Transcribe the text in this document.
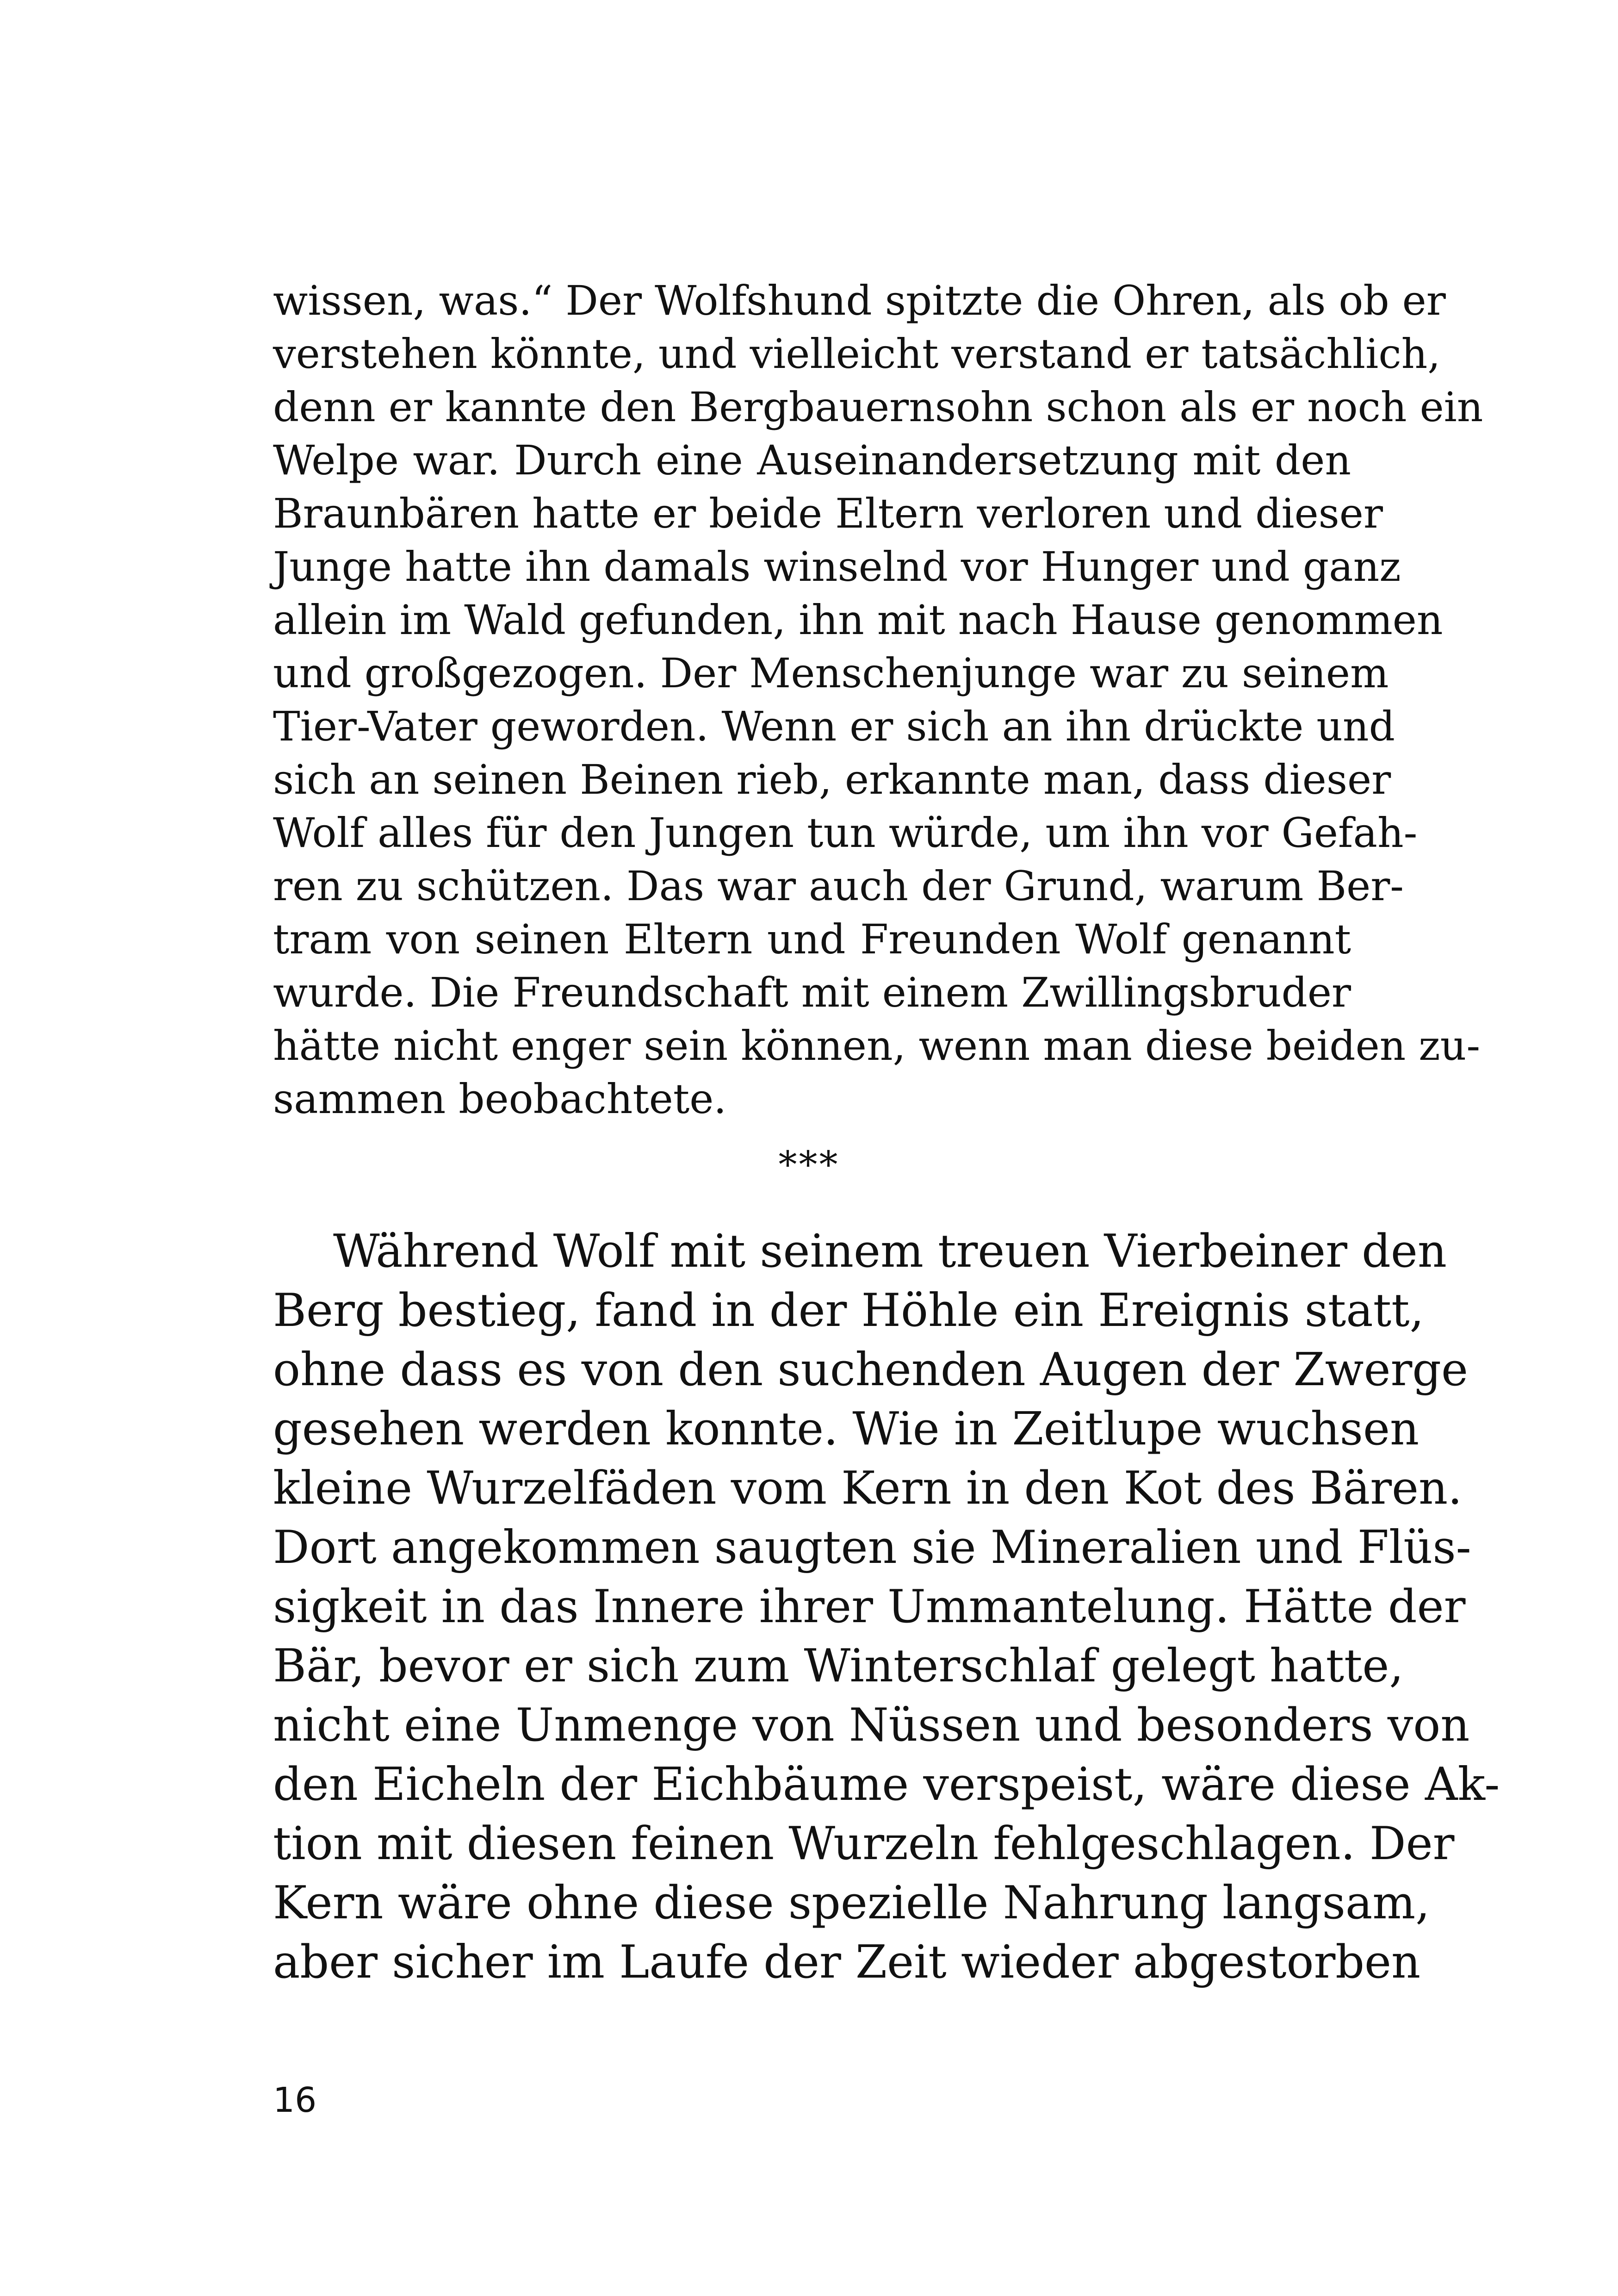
wissen, was.“ Der Wolfshund spitzte die Ohren, als ob er
verstehen könnte, und vielleicht verstand er tatsächlich,
denn er kannte den Bergbauernsohn schon als er noch ein
Welpe war. Durch eine Auseinandersetzung mit den
Braunbären hatte er beide Eltern verloren und dieser
Junge hatte ihn damals winselnd vor Hunger und ganz
allein im Wald gefunden, ihn mit nach Hause genommen
und großgezogen. Der Menschenjunge war zu seinem
Tier-Vater geworden. Wenn er sich an ihn drückte und
sich an seinen Beinen rieb, erkannte man, dass dieser
Wolf alles für den Jungen tun würde, um ihn vor Gefah-
ren zu schützen. Das war auch der Grund, warum Ber-
tram von seinen Eltern und Freunden Wolf genannt
wurde. Die Freundschaft mit einem Zwillingsbruder
hätte nicht enger sein können, wenn man diese beiden zu-
sammen beobachtete.
***
Während Wolf mit seinem treuen Vierbeiner den
Berg bestieg, fand in der Höhle ein Ereignis statt,
ohne dass es von den suchenden Augen der Zwerge
gesehen werden konnte. Wie in Zeitlupe wuchsen
kleine Wurzelfäden vom Kern in den Kot des Bären.
Dort angekommen saugten sie Mineralien und Flüs-
sigkeit in das Innere ihrer Ummantelung. Hätte der
Bär, bevor er sich zum Winterschlaf gelegt hatte,
nicht eine Unmenge von Nüssen und besonders von
den Eicheln der Eichbäume verspeist, wäre diese Ak-
tion mit diesen feinen Wurzeln fehlgeschlagen. Der
Kern wäre ohne diese spezielle Nahrung langsam,
aber sicher im Laufe der Zeit wieder abgestorben
16
